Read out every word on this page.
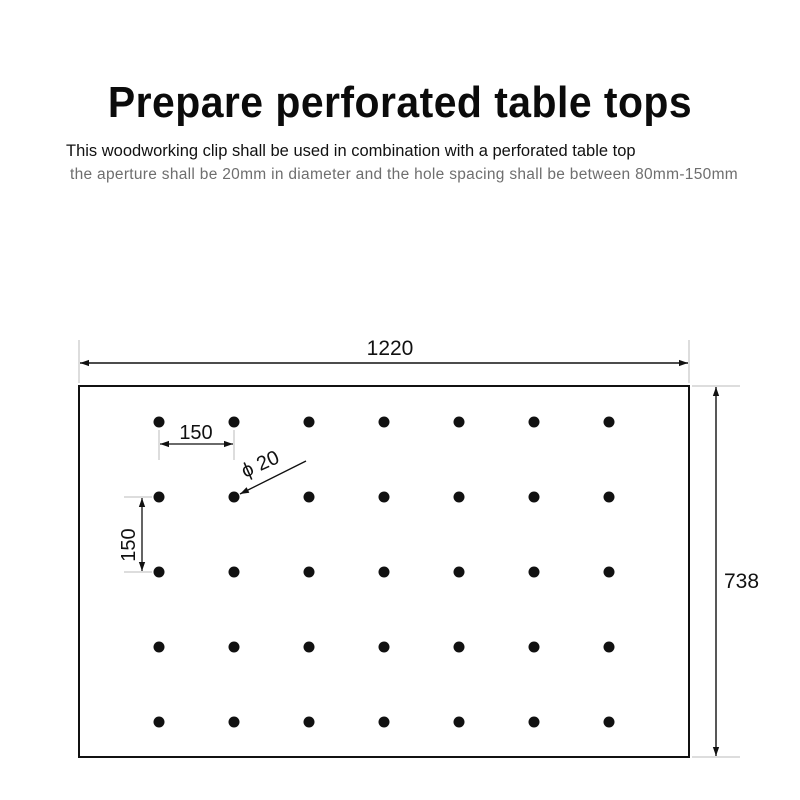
Prepare perforated table tops
This woodworking clip shall be used in combination with a perforated table top
the aperture shall be 20mm in diameter and the hole spacing shall be between 80mm-150mm
1220
738
150
150
ϕ 20
